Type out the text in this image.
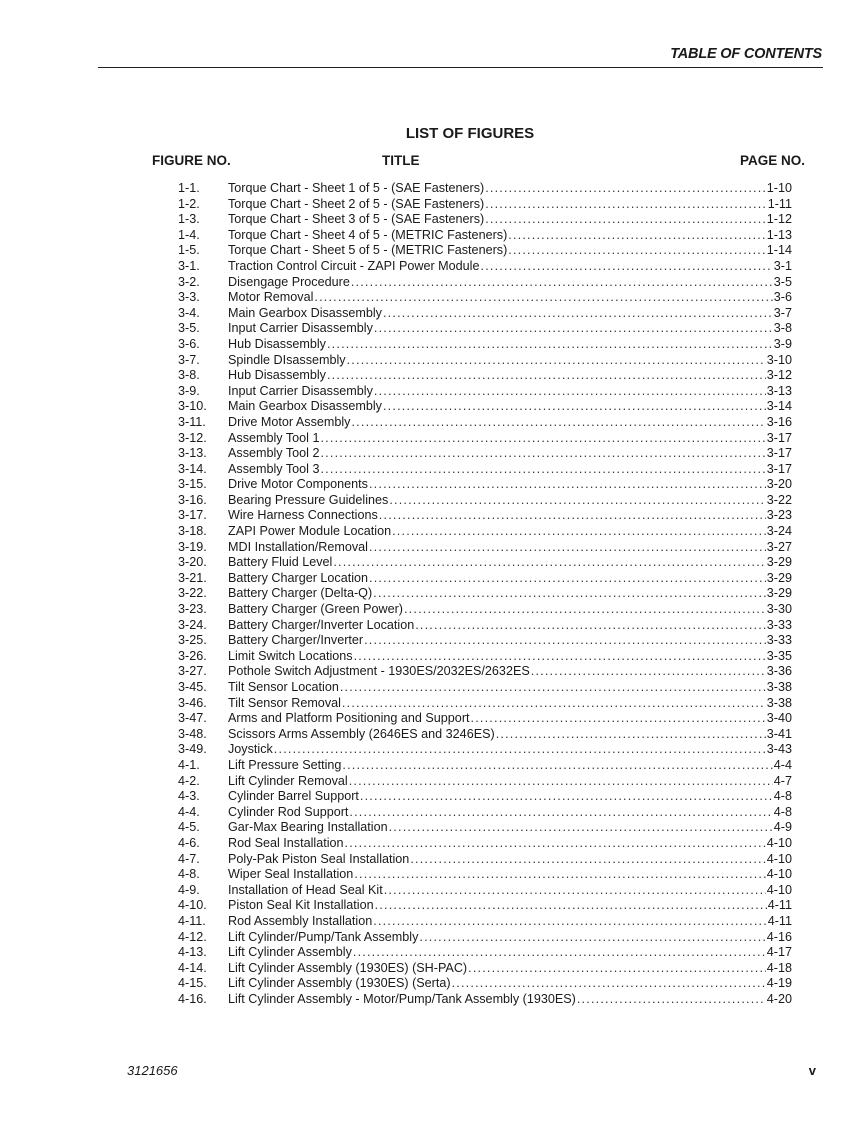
TABLE OF CONTENTS
LIST OF FIGURES
FIGURE NO.	TITLE	PAGE NO.
1-1.	Torque Chart - Sheet 1 of 5 - (SAE Fasteners) .....	1-10
1-2.	Torque Chart - Sheet 2 of 5 - (SAE Fasteners) .....	1-11
1-3.	Torque Chart - Sheet 3 of 5 - (SAE Fasteners) .....	1-12
1-4.	Torque Chart - Sheet 4 of 5 - (METRIC Fasteners) .....	1-13
1-5.	Torque Chart - Sheet 5 of 5 - (METRIC Fasteners) .....	1-14
3-1.	Traction Control Circuit - ZAPI Power Module .....	3-1
3-2.	Disengage Procedure .....	3-5
3-3.	Motor Removal .....	3-6
3-4.	Main Gearbox Disassembly .....	3-7
3-5.	Input Carrier Disassembly .....	3-8
3-6.	Hub Disassembly .....	3-9
3-7.	Spindle DIsassembly .....	3-10
3-8.	Hub Disassembly .....	3-12
3-9.	Input Carrier Disassembly .....	3-13
3-10.	Main Gearbox Disassembly .....	3-14
3-11.	Drive Motor Assembly .....	3-16
3-12.	Assembly Tool 1 .....	3-17
3-13.	Assembly Tool 2 .....	3-17
3-14.	Assembly Tool 3 .....	3-17
3-15.	Drive Motor Components .....	3-20
3-16.	Bearing Pressure Guidelines .....	3-22
3-17.	Wire Harness Connections .....	3-23
3-18.	ZAPI Power Module Location .....	3-24
3-19.	MDI Installation/Removal .....	3-27
3-20.	Battery Fluid Level .....	3-29
3-21.	Battery Charger Location .....	3-29
3-22.	Battery Charger (Delta-Q) .....	3-29
3-23.	Battery Charger (Green Power) .....	3-30
3-24.	Battery Charger/Inverter Location .....	3-33
3-25.	Battery Charger/Inverter .....	3-33
3-26.	Limit Switch Locations .....	3-35
3-27.	Pothole Switch Adjustment - 1930ES/2032ES/2632ES .....	3-36
3-45.	Tilt Sensor Location .....	3-38
3-46.	Tilt Sensor Removal .....	3-38
3-47.	Arms and Platform Positioning and Support .....	3-40
3-48.	Scissors Arms Assembly (2646ES and 3246ES) .....	3-41
3-49.	Joystick .....	3-43
4-1.	Lift Pressure Setting .....	4-4
4-2.	Lift Cylinder Removal .....	4-7
4-3.	Cylinder Barrel Support .....	4-8
4-4.	Cylinder Rod Support .....	4-8
4-5.	Gar-Max Bearing Installation .....	4-9
4-6.	Rod Seal Installation .....	4-10
4-7.	Poly-Pak Piston Seal Installation .....	4-10
4-8.	Wiper Seal Installation .....	4-10
4-9.	Installation of Head Seal Kit .....	4-10
4-10.	Piston Seal Kit Installation .....	4-11
4-11.	Rod Assembly Installation .....	4-11
4-12.	Lift Cylinder/Pump/Tank Assembly .....	4-16
4-13.	Lift Cylinder Assembly .....	4-17
4-14.	Lift Cylinder Assembly (1930ES) (SH-PAC) .....	4-18
4-15.	Lift Cylinder Assembly (1930ES) (Serta) .....	4-19
4-16.	Lift Cylinder Assembly - Motor/Pump/Tank Assembly (1930ES) .....	4-20
3121656	v
